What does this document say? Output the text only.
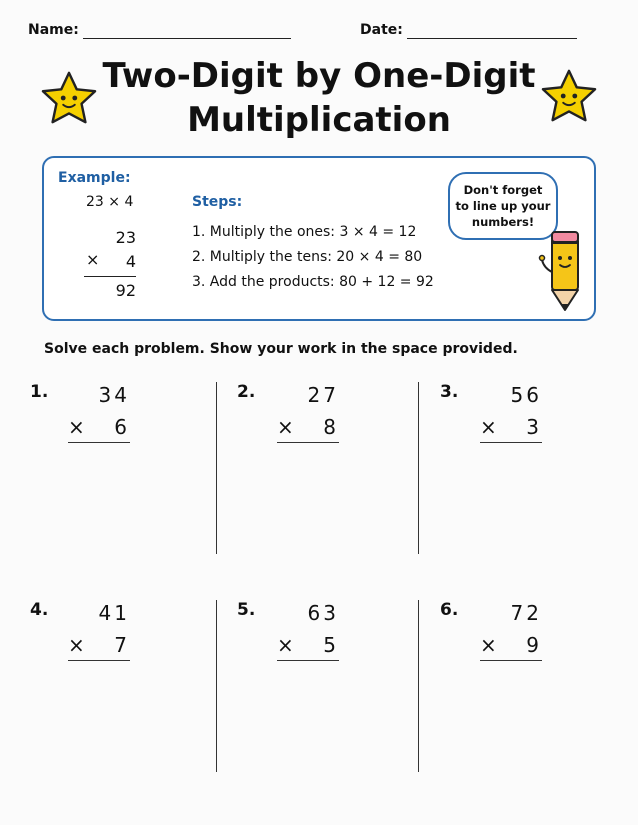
Name:	Date:
Two-Digit by One-Digit
Multiplication
Example:
23 × 4
23
×	4
92
Steps:
1. Multiply the ones: 3 × 4 = 12
2. Multiply the tens: 20 × 4 = 80
3. Add the products: 80 + 12 = 92
Don't forget
to line up your
numbers!
Solve each problem. Show your work in the space provided.
1.	34
× 6
2.	27
× 8
3.	56
× 3
4.	41
× 7
5.	63
× 5
6.	72
× 9
